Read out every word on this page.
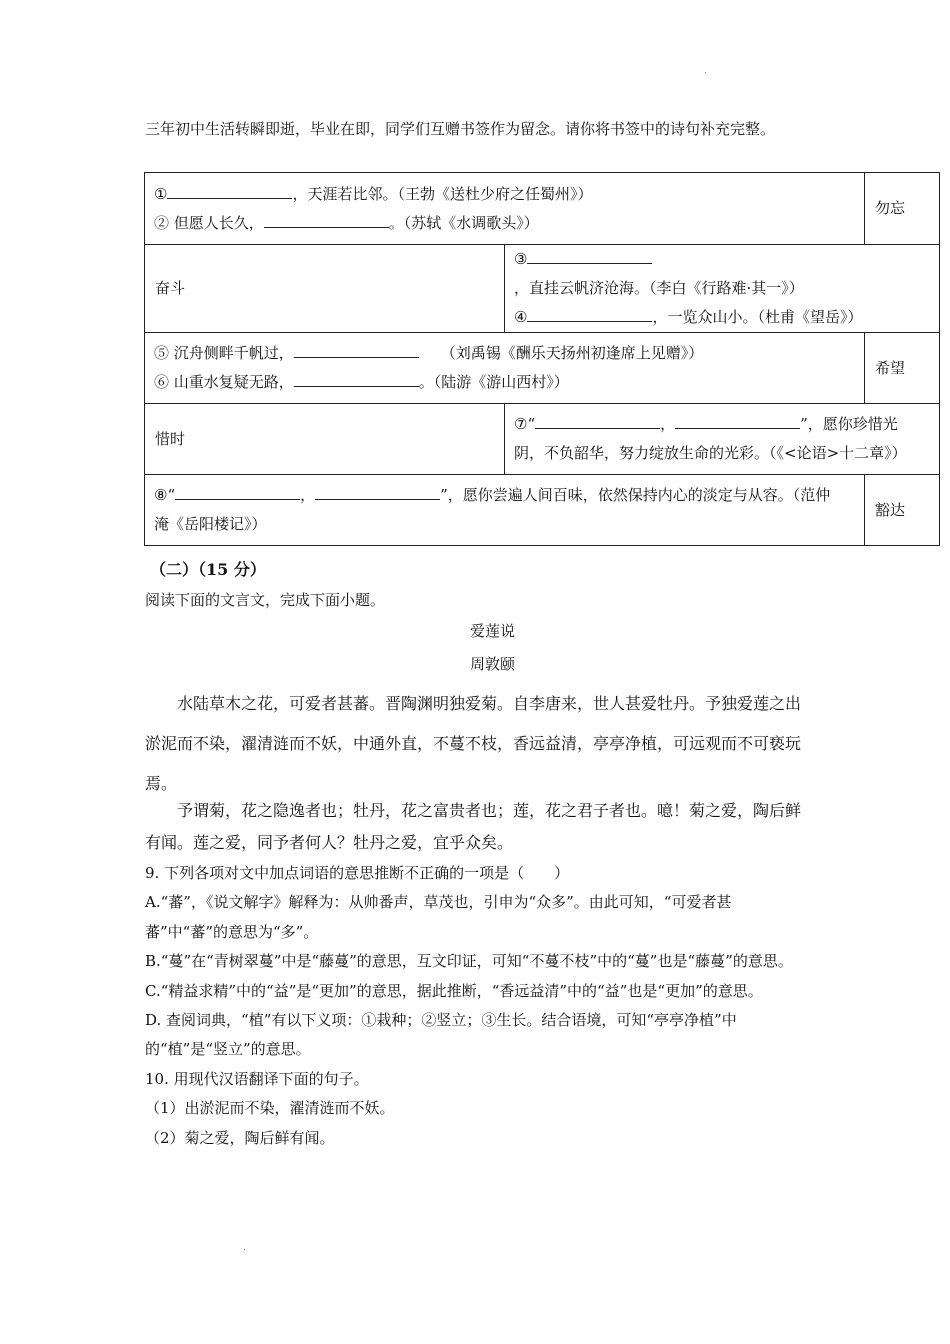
.
三年初中生活转瞬即逝，毕业在即，同学们互赠书签作为留念。请你将书签中的诗句补充完整。
① ，天涯若比邻。（王勃《送杜少府之任蜀州》）
② 但愿人长久， 。（苏轼《水调歌头》）		勿忘
奋斗	③，直挂云帆济沧海。（李白《行路难·其一》）
④ ，一览众山小。（杜甫《望岳》）	

⑤ 沉舟侧畔千帆过， （刘禹锡《酬乐天扬州初逢席上见赠》）
⑥ 山重水复疑无路， 。（陆游《游山西村》）		希望
惜时	⑦“ ， ”，愿你珍惜光阴，不负韶华，努力绽放生命的光彩。（《<论语>十二章》）	
⑧“ ， ”，愿你尝遍人间百味，依然保持内心的淡定与从容。（范仲淹《岳阳楼记》）		豁达
（二）（15 分）
阅读下面的文言文，完成下面小题。
爱莲说
周敦颐

水陆草木之花，可爱者甚蕃。晋陶渊明独爱菊。自李唐来，世人甚爱牡丹。予独爱莲之出淤泥而不染，濯清涟而不妖，中通外直，不蔓不枝，香远益清，亭亭净植，可远观而不可亵玩焉。

予谓菊，花之隐逸者也；牡丹，花之富贵者也；莲，花之君子者也。噫！菊之爱，陶后鲜有闻。莲之爱，同予者何人？牡丹之爱，宜乎众矣。

9. 下列各项对文中加点词语的意思推断不正确的一项是（　　）
A.“蕃”，《说文解字》解释为：从帅番声，草茂也，引申为“众多”。由此可知，“可爱者甚蕃”中“蕃”的意思为“多”。
B.“蔓”在“青树翠蔓”中是“藤蔓”的意思，互文印证，可知“不蔓不枝”中的“蔓”也是“藤蔓”的意思。
C.“精益求精”中的“益”是“更加”的意思，据此推断，“香远益清”中的“益”也是“更加”的意思。
D. 查阅词典，“植”有以下义项：①栽种；②竖立；③生长。结合语境，可知“亭亭净植”中的“植”是“竖立”的意思。
10. 用现代汉语翻译下面的句子。
（1）出淤泥而不染，濯清涟而不妖。
（2）菊之爱，陶后鲜有闻。
.
